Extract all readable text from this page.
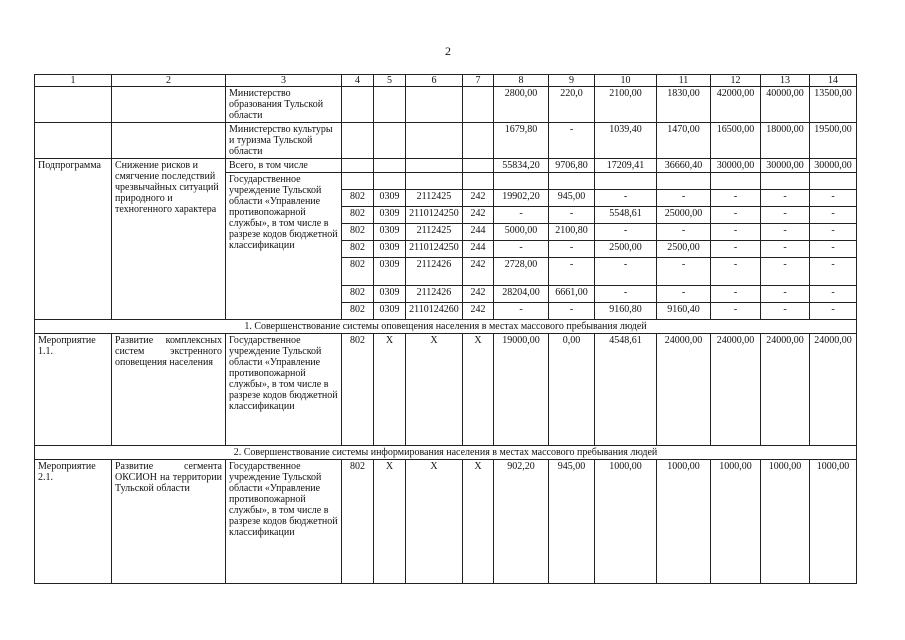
2
1	2	3	4	5	6	7	8	9	10	11	12	13	14
		Министерство образования Тульской области					2800,00	220,0	2100,00	1830,00	42000,00	40000,00	13500,00
		Министерство культуры и туризма Тульской области					1679,80	-	1039,40	1470,00	16500,00	18000,00	19500,00
Подпрограмма	Снижение рисков и смягчение последствий чрезвычайных ситуаций природного и техногенного характера	Всего, в том числе					55834,20	9706,80	17209,41	36660,40	30000,00	30000,00	30000,00
		Государственное учреждение Тульской области «Управление противопожарной службы», в том числе в разрезе кодов бюджетной классификации											
			802	0309	2112425	242	19902,20	945,00	-	-	-	-	-
			802	0309	2110124250	242	-	-	5548,61	25000,00	-	-	-
			802	0309	2112425	244	5000,00	2100,80	-	-	-	-	-
			802	0309	2110124250	244	-	-	2500,00	2500,00	-	-	-
			802	0309	2112426	242	2728,00	-	-	-	-	-	-
			802	0309	2112426	242	28204,00	6661,00	-	-	-	-	-
			802	0309	2110124260	242	-	-	9160,80	9160,40	-	-	-
1. Совершенствование системы оповещения населения в местах массового пребывания людей													
Мероприятие 1.1.	Развитие комплексных систем экстренного оповещения населения	Государственное учреждение Тульской области «Управление противопожарной службы», в том числе в разрезе кодов бюджетной классификации	802	Х	Х	Х	19000,00	0,00	4548,61	24000,00	24000,00	24000,00	24000,00
2. Совершенствование системы информирования населения в местах массового пребывания людей													
Мероприятие 2.1.	Развитие сегмента ОКСИОН на территории Тульской области	Государственное учреждение Тульской области «Управление противопожарной службы», в том числе в разрезе кодов бюджетной классификации	802	Х	Х	Х	902,20	945,00	1000,00	1000,00	1000,00	1000,00	1000,00
